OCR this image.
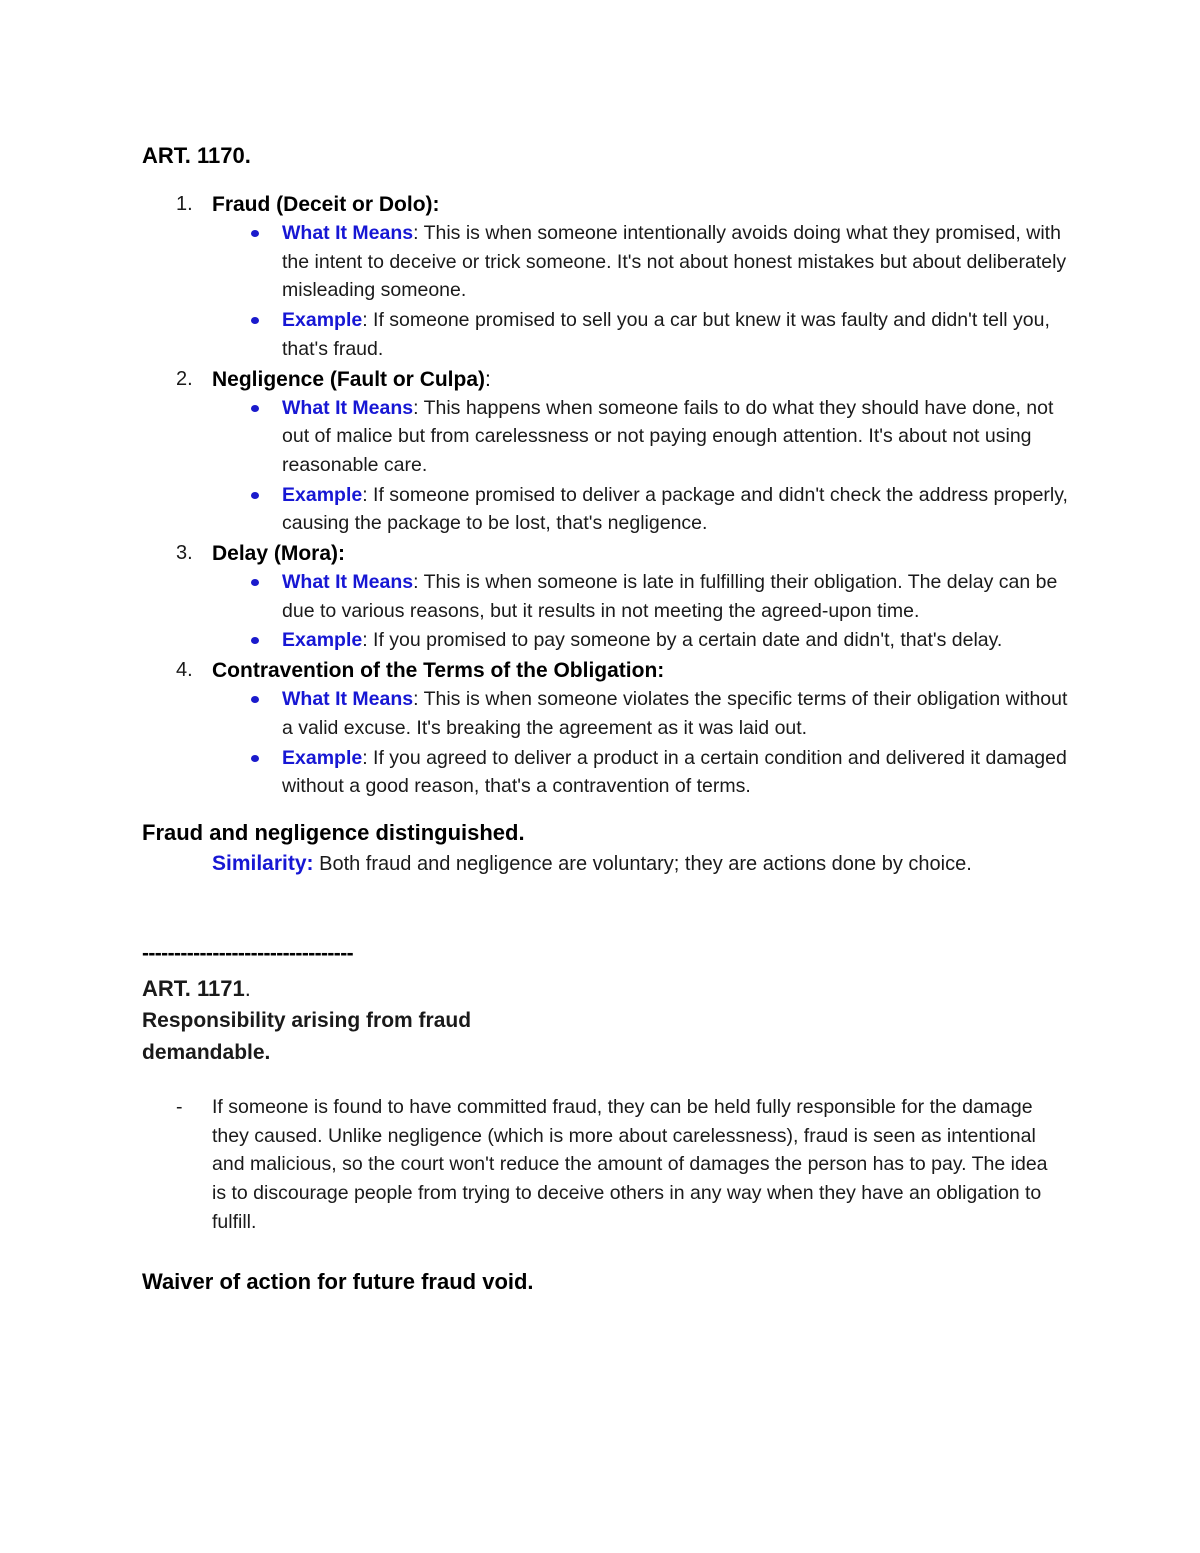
ART. 1170.
1. Fraud (Deceit or Dolo):
What It Means: This is when someone intentionally avoids doing what they promised, with the intent to deceive or trick someone. It's not about honest mistakes but about deliberately misleading someone.
Example: If someone promised to sell you a car but knew it was faulty and didn't tell you, that's fraud.
2. Negligence (Fault or Culpa):
What It Means: This happens when someone fails to do what they should have done, not out of malice but from carelessness or not paying enough attention. It's about not using reasonable care.
Example: If someone promised to deliver a package and didn't check the address properly, causing the package to be lost, that's negligence.
3. Delay (Mora):
What It Means: This is when someone is late in fulfilling their obligation. The delay can be due to various reasons, but it results in not meeting the agreed-upon time.
Example: If you promised to pay someone by a certain date and didn't, that's delay.
4. Contravention of the Terms of the Obligation:
What It Means: This is when someone violates the specific terms of their obligation without a valid excuse. It's breaking the agreement as it was laid out.
Example: If you agreed to deliver a product in a certain condition and delivered it damaged without a good reason, that's a contravention of terms.
Fraud and negligence distinguished.
Similarity: Both fraud and negligence are voluntary; they are actions done by choice.
---------------------------------
ART. 1171.
Responsibility arising from fraud demandable.
- If someone is found to have committed fraud, they can be held fully responsible for the damage they caused. Unlike negligence (which is more about carelessness), fraud is seen as intentional and malicious, so the court won't reduce the amount of damages the person has to pay. The idea is to discourage people from trying to deceive others in any way when they have an obligation to fulfill.
Waiver of action for future fraud void.
